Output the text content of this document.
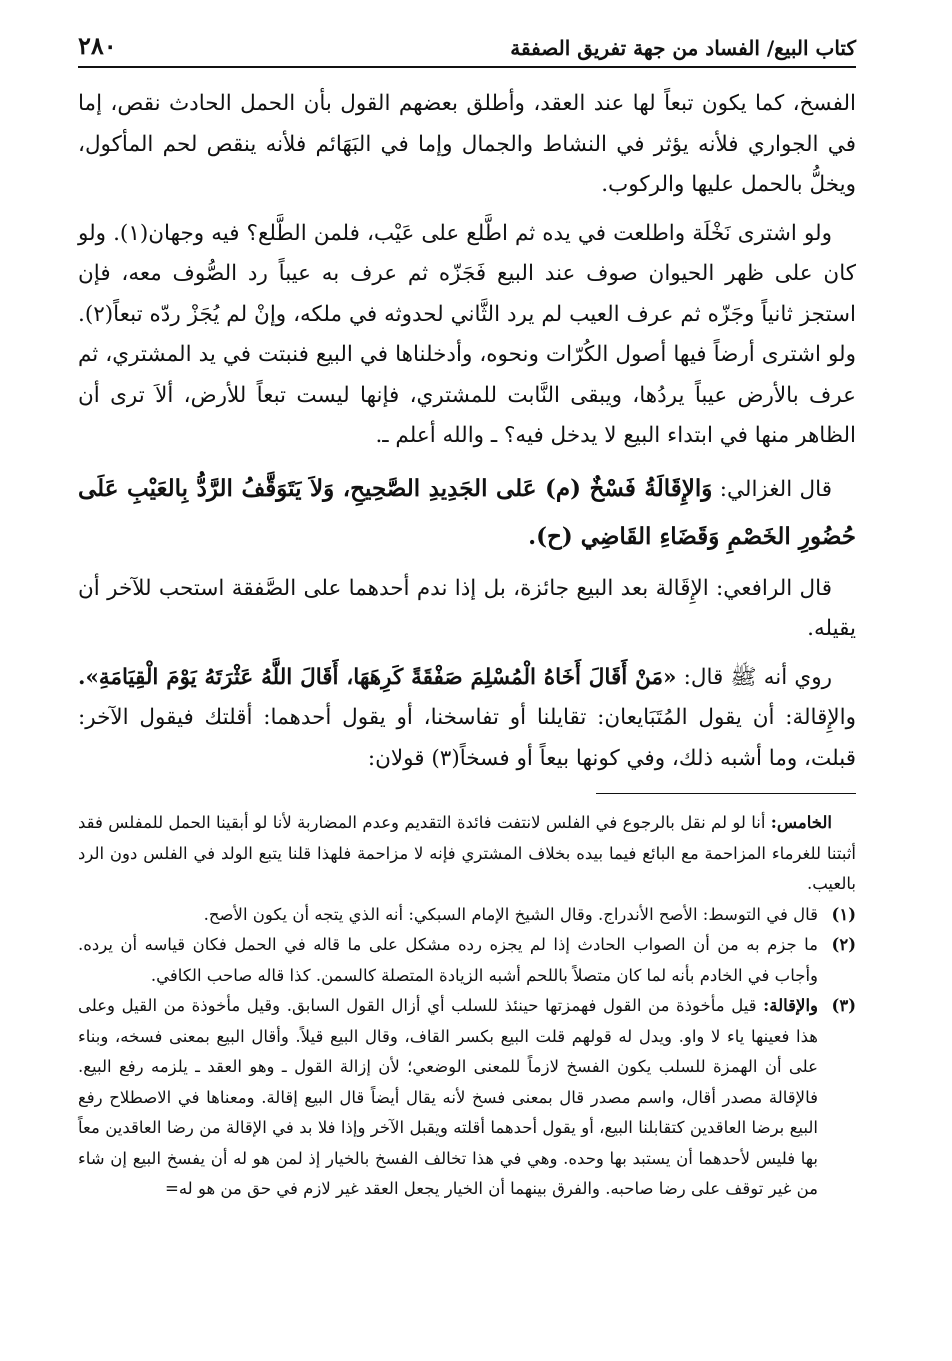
كتاب البيع/ الفساد من جهة تفريق الصفقة
٢٨٠

الفسخ، كما يكون تبعاً لها عند العقد، وأطلق بعضهم القول بأن الحمل الحادث نقص، إما في الجواري فلأنه يؤثر في النشاط والجمال وإما في البَهَائم فلأنه ينقص لحم المأكول، ويخلُّ بالحمل عليها والركوب.

ولو اشترى نَخْلَة واطلعت في يده ثم اطَّلع على عَيْب، فلمن الطَّلع؟ فيه وجهان(١). ولو كان على ظهر الحيوان صوف عند البيع فَجَزّه ثم عرف به عيباً رد الصُّوف معه، فإن استجز ثانياً وجَزّه ثم عرف العيب لم يرد الثَّاني لحدوثه في ملكه، وإنْ لم يُجَزْ ردّه تبعاً(٢). ولو اشترى أرضاً فيها أصول الكُرّات ونحوه، وأدخلناها في البيع فنبتت في يد المشتري، ثم عرف بالأرض عيباً يردُها، ويبقى النَّابت للمشتري، فإنها ليست تبعاً للأرض، ألاَ ترى أن الظاهر منها في ابتداء البيع لا يدخل فيه؟ ـ والله أعلم ـ.

قال الغزالي: وَالإِقَالَةُ فَسْخٌ (م) عَلى الجَدِيدِ الصَّحِيحِ، وَلاَ يَتَوَقَّفُ الرَّدُّ بِالعَيْبِ عَلَى حُضُورِ الخَصْمِ وَقَضَاءِ القَاضِي (ح).

قال الرافعي: الإِقَالة بعد البيع جائزة، بل إذا ندم أحدهما على الصَّفقة استحب للآخر أن يقيله.

روي أنه ﷺ قال: «مَنْ أَقَالَ أَخَاهُ الْمُسْلِمَ صَفْقَةً كَرِهَهَا، أَقَالَ اللَّهُ عَثْرَتَهُ يَوْمَ الْقِيَامَةِ». والإِقالة: أن يقول المُتَبَايعان: تقايلنا أو تفاسخنا، أو يقول أحدهما: أقلتك فيقول الآخر: قبلت، وما أشبه ذلك، وفي كونها بيعاً أو فسخاً(٣) قولان:

الخامس: أنا لو لم نقل بالرجوع في الفلس لانتفت فائدة التقديم وعدم المضاربة لأنا لو أبقينا الحمل للمفلس فقد أثبتنا للغرماء المزاحمة مع البائع فيما بيده بخلاف المشتري فإنه لا مزاحمة فلهذا قلنا يتبع الولد في الفلس دون الرد بالعيب.

(١)
قال في التوسط: الأصح الأندراج. وقال الشيخ الإمام السبكي: أنه الذي يتجه أن يكون الأصح.
(٢)
ما جزم به من أن الصواب الحادث إذا لم يجزه رده مشكل على ما قاله في الحمل فكان قياسه أن يرده. وأجاب في الخادم بأنه لما كان متصلاً باللحم أشبه الزيادة المتصلة كالسمن. كذا قاله صاحب الكافي.
(٣)
والإقالة: قيل مأخوذة من القول فهمزتها حينئذ للسلب أي أزال القول السابق. وقيل مأخوذة من القيل وعلى هذا فعينها ياء لا واو. ويدل له قولهم قلت البيع بكسر القاف، وقال البيع قيلاً. وأقال البيع بمعنى فسخه، وبناء على أن الهمزة للسلب يكون الفسخ لازماً للمعنى الوضعي؛ لأن إزالة القول ـ وهو العقد ـ يلزمه رفع البيع. فالإقالة مصدر أقال، واسم مصدر قال بمعنى فسخ لأنه يقال أيضاً قال البيع إقالة. ومعناها في الاصطلاح رفع البيع برضا العاقدين كتقابلنا البيع، أو يقول أحدهما أقلته ويقبل الآخر وإذا فلا بد في الإقالة من رضا العاقدين معاً بها فليس لأحدهما أن يستبد بها وحده. وهي في هذا تخالف الفسخ بالخيار إذ لمن هو له أن يفسخ البيع إن شاء من غير توقف على رضا صاحبه. والفرق بينهما أن الخيار يجعل العقد غير لازم في حق من هو له=
